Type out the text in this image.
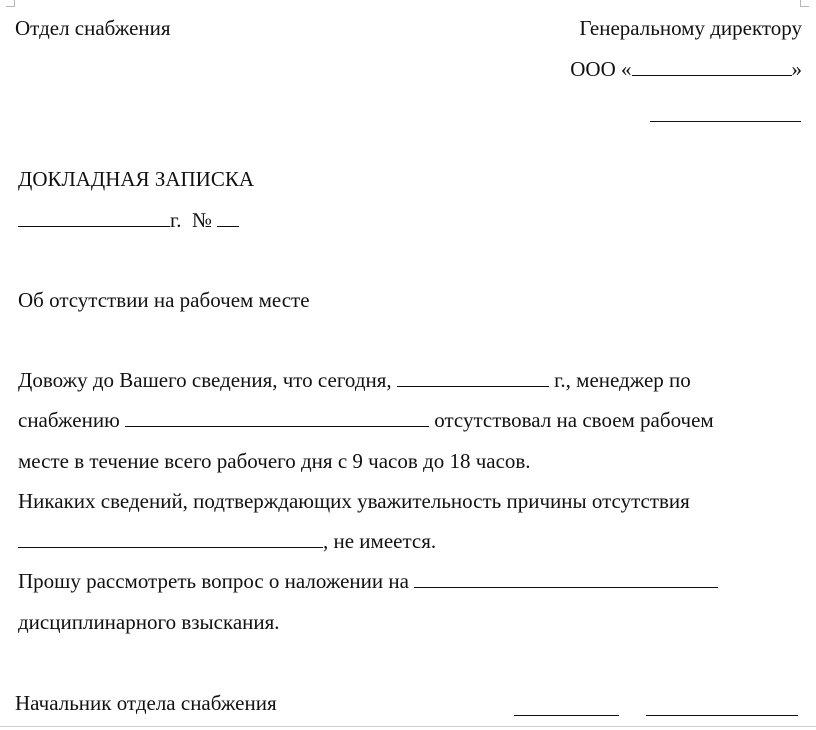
Отдел снабжения	Генеральному директору
ООО «	»
ДОКЛАДНАЯ ЗАПИСКА
г. №
Об отсутствии на рабочем месте
Довожу до Вашего сведения, что сегодня,	г., менеджер по
снабжению	отсутствовал на своем рабочем
месте в течение всего рабочего дня с 9 часов до 18 часов.
Никаких сведений, подтверждающих уважительность причины отсутствия
, не имеется.
Прошу рассмотреть вопрос о наложении на
дисциплинарного взыскания.
Начальник отдела снабжения
